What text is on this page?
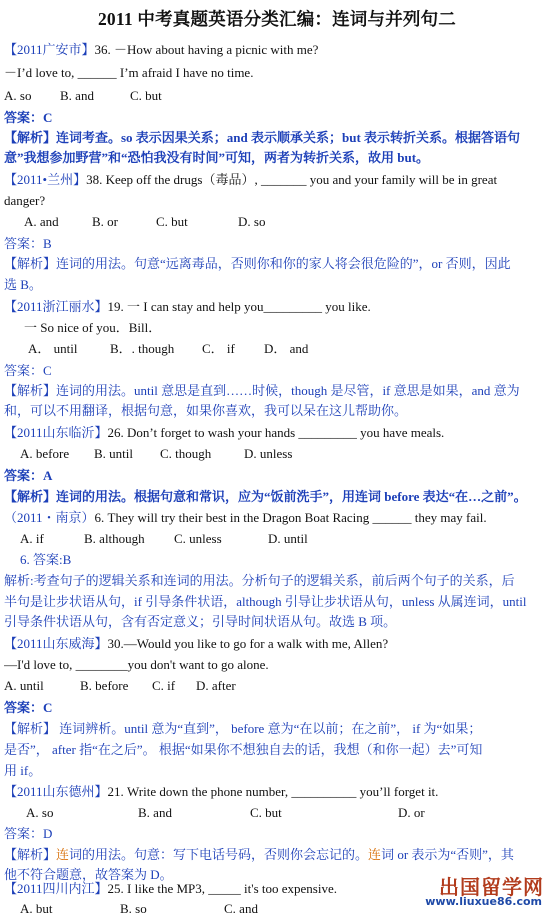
2011 中考真题英语分类汇编：连词与并列句二
【2011广安市】36. －How about having a picnic with me?
－I’d love to, ______ I’m afraid I have no time.
A. so B. and	C. but
答案：C
【解析】连词考查。so 表示因果关系；and 表示顺承关系；but 表示转折关系。根据答语句
意”我想参加野营”和“恐怕我没有时间”可知，两者为转折关系，故用 but。
【2011•兰州】38. Keep off the drugs（毒品）, _______ you and your family will be in great
danger?
A. and	B. or	C. but	D. so
答案：B
【解析】连词的用法。句意“远离毒品，否则你和你的家人将会很危险的”，or 否则，因此
选 B。
【2011浙江丽水】19. 一 I can stay and help you_________ you like.
一 So nice of you．Bill．
A． until	B．. though C． if D． and
答案：C
【解析】连词的用法。until 意思是直到……时候，though 是尽管，if 意思是如果，and 意为
和，可以不用翻译，根据句意，如果你喜欢，我可以呆在这儿帮助你。
【2011山东临沂】26. Don’t forget to wash your hands _________ you have meals.
A. before B. until C. though	D. unless
答案：A
【解析】连词的用法。根据句意和常识，应为“饭前洗手”，用连词 before 表达“在…之前”。
（2011・南京）6. They will try their best in the Dragon Boat Racing ______ they may fail.
A. if	B. although C. unless	D. until
6. 答案:B
解析:考查句子的逻辑关系和连词的用法。分析句子的逻辑关系，前后两个句子的关系，后
半句是让步状语从句，if 引导条件状语，although 引导让步状语从句，unless 从属连词，until
引导条件状语从句，含有否定意义；引导时间状语从句。故选 B 项。
【2011山东威海】30.—Would you like to go for a walk with me, Allen?
—I'd love to, ________you don't want to go alone.
A. until	B. before C. if D. after
答案：C
【解析】 连词辨析。until 意为“直到”， before 意为“在以前；在之前”， if 为“如果；
是否”， after 指“在之后”。 根据“如果你不想独自去的话，我想（和你一起）去”可知
用 if。
【2011山东德州】21. Write down the phone number, __________ you’ll forget it.
A. so	B. and	C. but	D. or
答案：D
【解析】连词的用法。句意：写下电话号码，否则你会忘记的。连词 or 表示为“否则”，其
他不符合题意，故答案为 D。
【2011四川内江】25. I like the MP3, _____ it's too expensive.
A. but	B. so	C. and
出国留学网
www.liuxue86.com
